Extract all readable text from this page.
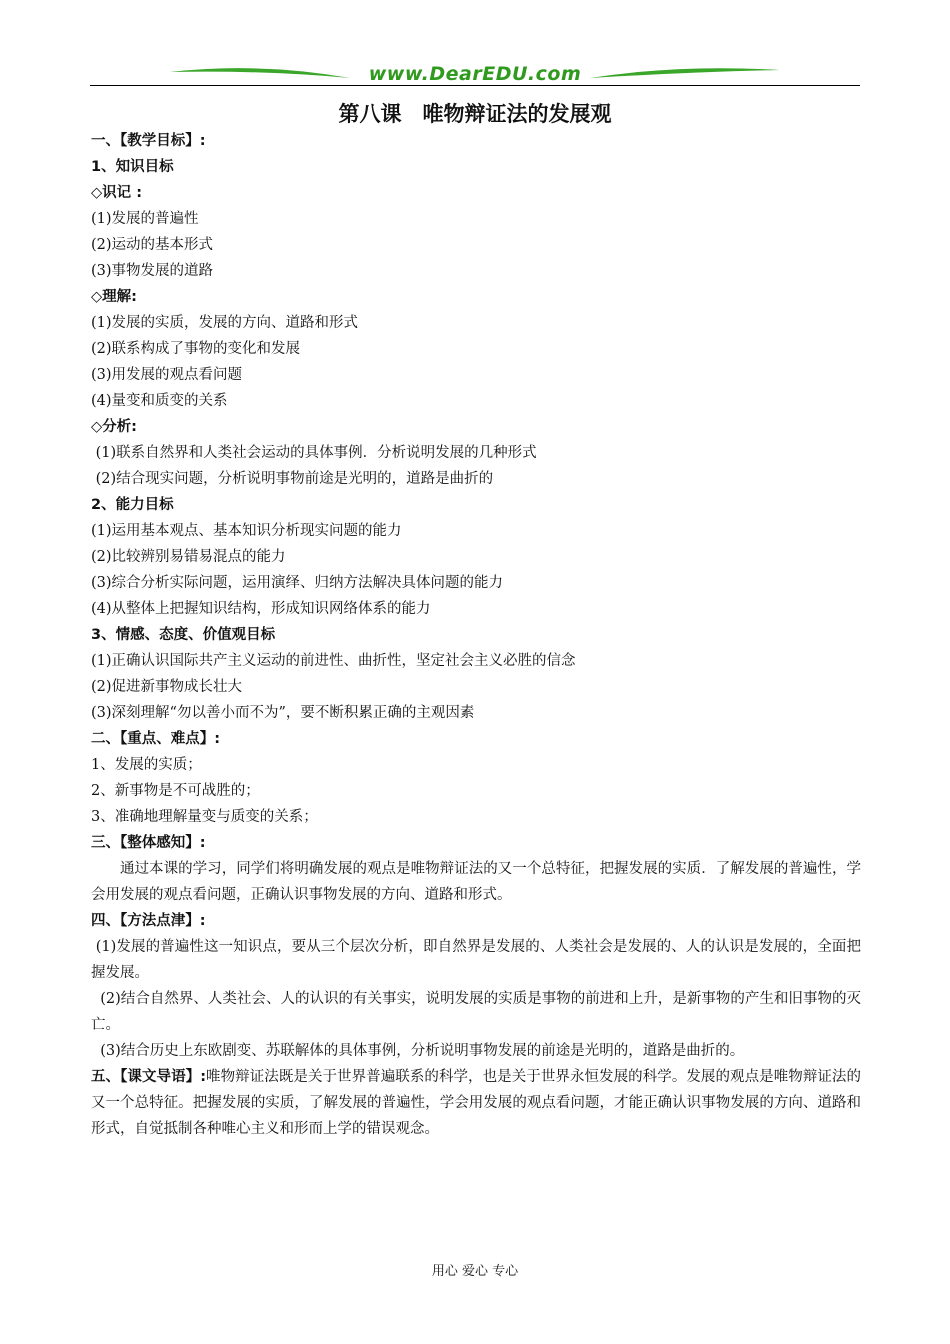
www.DearEDU.com
第八课　唯物辩证法的发展观
一、【教学目标】:
1、知识目标
◇识记 :
(1)发展的普遍性
(2)运动的基本形式
(3)事物发展的道路
◇理解:
(1)发展的实质，发展的方向、道路和形式
(2)联系构成了事物的变化和发展
(3)用发展的观点看问题
(4)量变和质变的关系
◇分析:
(1)联系自然界和人类社会运动的具体事例．分析说明发展的几种形式
(2)结合现实问题，分析说明事物前途是光明的，道路是曲折的
2、能力目标
(1)运用基本观点、基本知识分析现实问题的能力
(2)比较辨别易错易混点的能力
(3)综合分析实际问题，运用演绎、归纳方法解决具体问题的能力
(4)从整体上把握知识结构，形成知识网络体系的能力
3、情感、态度、价值观目标
(1)正确认识国际共产主义运动的前进性、曲折性，坚定社会主义必胜的信念
(2)促进新事物成长壮大
(3)深刻理解“勿以善小而不为”，要不断积累正确的主观因素
二、【重点、难点】:
1、发展的实质；
2、新事物是不可战胜的；
3、准确地理解量变与质变的关系；
三、【整体感知】:
通过本课的学习，同学们将明确发展的观点是唯物辩证法的又一个总特征，把握发展的实质．了解发展的普遍性，学会用发展的观点看问题，正确认识事物发展的方向、道路和形式。
四、【方法点津】:
(1)发展的普遍性这一知识点，要从三个层次分析，即自然界是发展的、人类社会是发展的、人的认识是发展的，全面把握发展。
(2)结合自然界、人类社会、人的认识的有关事实，说明发展的实质是事物的前进和上升，是新事物的产生和旧事物的灭亡。
(3)结合历史上东欧剧变、苏联解体的具体事例，分析说明事物发展的前途是光明的，道路是曲折的。
五、【课文导语】:唯物辩证法既是关于世界普遍联系的科学，也是关于世界永恒发展的科学。发展的观点是唯物辩证法的又一个总特征。把握发展的实质，了解发展的普遍性，学会用发展的观点看问题，才能正确认识事物发展的方向、道路和形式，自觉抵制各种唯心主义和形而上学的错误观念。
用心 爱心 专心
